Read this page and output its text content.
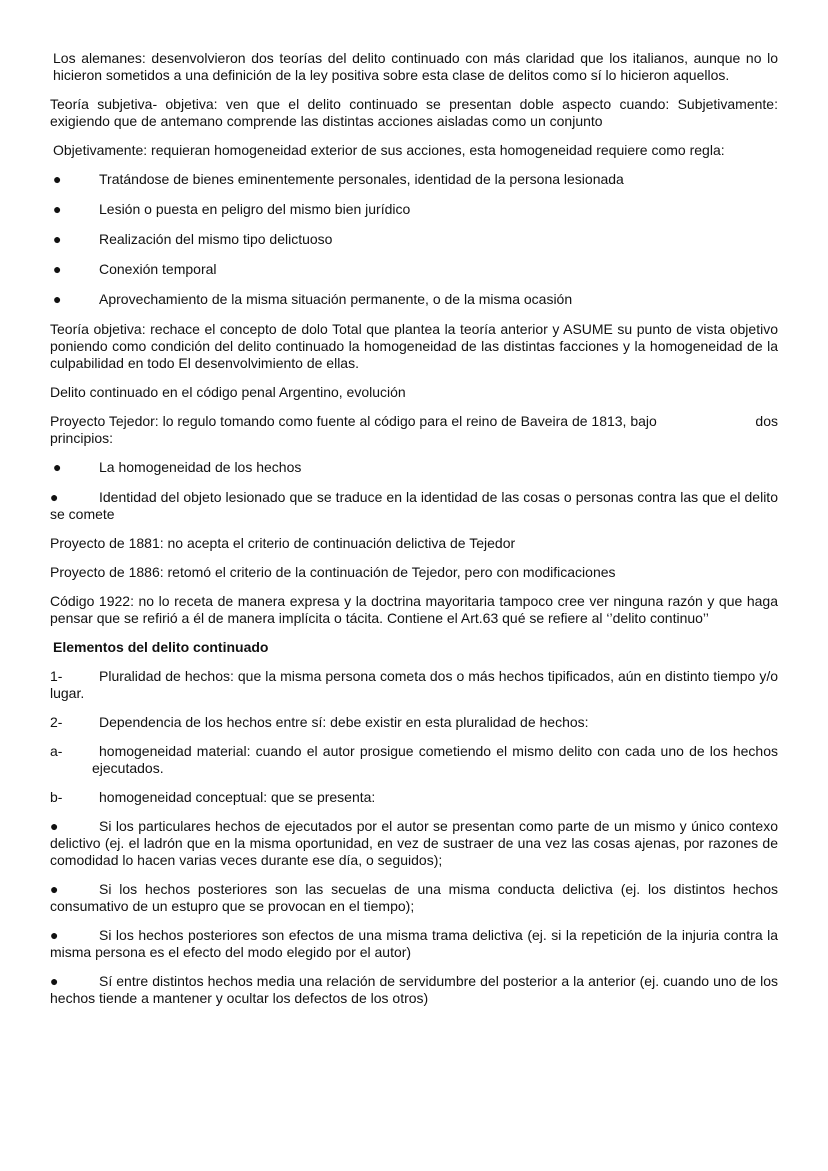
Los alemanes: desenvolvieron dos teorías del delito continuado con más claridad que los italianos, aunque no lo hicieron sometidos a una definición de la ley positiva sobre esta clase de delitos como sí lo hicieron aquellos.

Teoría subjetiva- objetiva: ven que el delito continuado se presentan doble aspecto cuando: Subjetivamente: exigiendo que de antemano comprende las distintas acciones aisladas como un conjunto

Objetivamente: requieran homogeneidad exterior de sus acciones, esta homogeneidad requiere como regla:

●	Tratándose de bienes eminentemente personales, identidad de la persona lesionada
●	Lesión o puesta en peligro del mismo bien jurídico
●	Realización del mismo tipo delictuoso
●	Conexión temporal
●	Aprovechamiento de la misma situación permanente, o de la misma ocasión

Teoría objetiva: rechace el concepto de dolo Total que plantea la teoría anterior y ASUME su punto de vista objetivo poniendo como condición del delito continuado la homogeneidad de las distintas facciones y la homogeneidad de la culpabilidad en todo El desenvolvimiento de ellas.

Delito continuado en el código penal Argentino, evolución

dos
Proyecto Tejedor: lo regulo tomando como fuente al código para el reino de Baveira de 1813, bajo
principios:

●	La homogeneidad de los hechos

●	Identidad del objeto lesionado que se traduce en la identidad de las cosas o personas contra las que el delito se comete

Proyecto de 1881: no acepta el criterio de continuación delictiva de Tejedor

Proyecto de 1886: retomó el criterio de la continuación de Tejedor, pero con modificaciones

Código 1922: no lo receta de manera expresa y la doctrina mayoritaria tampoco cree ver ninguna razón y que haga pensar que se refirió a él de manera implícita o tácita. Contiene el Art.63 qué se refiere al ‘’delito continuo’’

Elementos del delito continuado

1-	Pluralidad de hechos: que la misma persona cometa dos o más hechos tipificados, aún en distinto tiempo y/o lugar.

2-	Dependencia de los hechos entre sí: debe existir en esta pluralidad de hechos:

a-	homogeneidad material: cuando el autor prosigue cometiendo el mismo delito con cada uno de los hechosejecutados.

b-	homogeneidad conceptual: que se presenta:

●	Si los particulares hechos de ejecutados por el autor se presentan como parte de un mismo y único contexo delictivo (ej. el ladrón que en la misma oportunidad, en vez de sustraer de una vez las cosas ajenas, por razones de comodidad lo hacen varias veces durante ese día, o seguidos);

●	Si los hechos posteriores son las secuelas de una misma conducta delictiva (ej. los distintos hechos consumativo de un estupro que se provocan en el tiempo);

●	Si los hechos posteriores son efectos de una misma trama delictiva (ej. si la repetición de la injuria contra la misma persona es el efecto del modo elegido por el autor)

●	Sí entre distintos hechos media una relación de servidumbre del posterior a la anterior (ej. cuando uno de los hechos tiende a mantener y ocultar los defectos de los otros)
